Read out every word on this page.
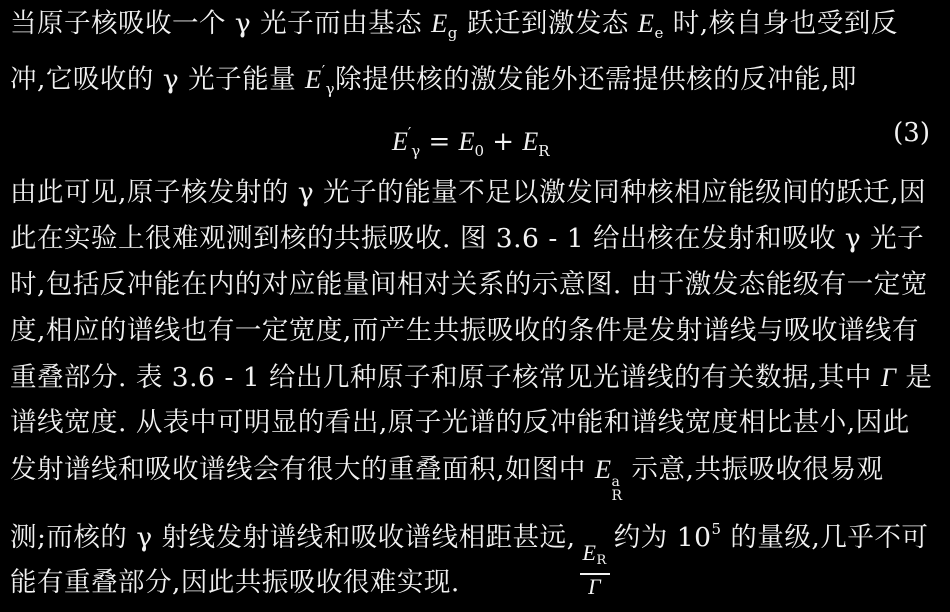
当原子核吸收一个 γ 光子而由基态 $E_g$ 跃迁到激发态 $E_e$ 时,核自身也受到反
冲,它吸收的 γ 光子能量 $E'_\gamma$除提供核的激发能外还需提供核的反冲能,即
$E'_\gamma = E_0 + E_R$
(3)
由此可见,原子核发射的 γ 光子的能量不足以激发同种核相应能级间的跃迁,因
此在实验上很难观测到核的共振吸收. 图 3.6 - 1 给出核在发射和吸收 γ 光子
时,包括反冲能在内的对应能量间相对关系的示意图. 由于激发态能级有一定宽
度,相应的谱线也有一定宽度,而产生共振吸收的条件是发射谱线与吸收谱线有
重叠部分. 表 3.6 - 1 给出几种原子和原子核常见光谱线的有关数据,其中 Γ 是
谱线宽度. 从表中可明显的看出,原子光谱的反冲能和谱线宽度相比甚小,因此
发射谱线和吸收谱线会有很大的重叠面积,如图中 E a
R
示意,共振吸收很易观
测;而核的 γ 射线发射谱线和吸收谱线相距甚远,
$\frac{ER}{\Gamma}$
约为 $10^5$ 的量级,几乎不可
能有重叠部分,因此共振吸收很难实现.
